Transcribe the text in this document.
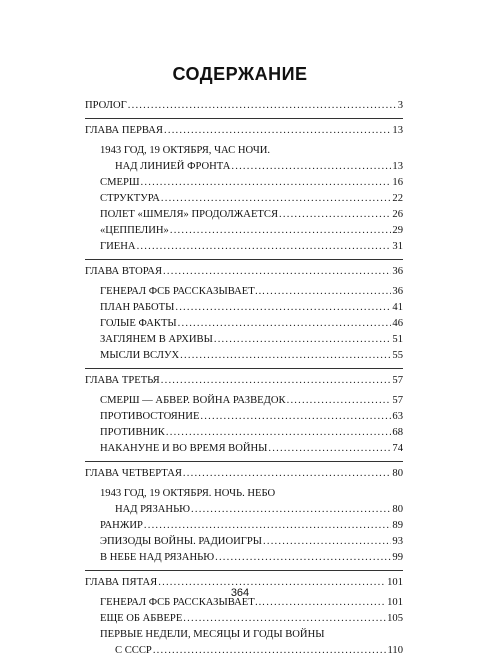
СОДЕРЖАНИЕ
ПРОЛОГ .....	3
ГЛАВА ПЕРВАЯ .....	13
1943 ГОД, 19 ОКТЯБРЯ, ЧАС НОЧИ.
НАД ЛИНИЕЙ ФРОНТА .....	13
СМЕРШ .....	16
СТРУКТУРА .....	22
ПОЛЕТ «ШМЕЛЯ» ПРОДОЛЖАЕТСЯ .....	26
«ЦЕППЕЛИН» .....	29
ГИЕНА .....	31
ГЛАВА ВТОРАЯ .....	36
ГЕНЕРАЛ ФСБ РАССКАЗЫВАЕТ… .....	36
ПЛАН РАБОТЫ .....	41
ГОЛЫЕ ФАКТЫ .....	46
ЗАГЛЯНЕМ В АРХИВЫ .....	51
МЫСЛИ ВСЛУХ .....	55
ГЛАВА ТРЕТЬЯ .....	57
СМЕРШ — АБВЕР. ВОЙНА РАЗВЕДОК .....	57
ПРОТИВОСТОЯНИЕ .....	63
ПРОТИВНИК .....	68
НАКАНУНЕ И ВО ВРЕМЯ ВОЙНЫ .....	74
ГЛАВА ЧЕТВЕРТАЯ .....	80
1943 ГОД, 19 ОКТЯБРЯ. НОЧЬ. НЕБО
НАД РЯЗАНЬЮ .....	80
РАНЖИР .....	89
ЭПИЗОДЫ ВОЙНЫ. РАДИОИГРЫ .....	93
В НЕБЕ НАД РЯЗАНЬЮ .....	99
ГЛАВА ПЯТАЯ .....	101
ГЕНЕРАЛ ФСБ РАССКАЗЫВАЕТ… .....	101
ЕЩЕ ОБ АБВЕРЕ .....	105
ПЕРВЫЕ НЕДЕЛИ, МЕСЯЦЫ И ГОДЫ ВОЙНЫ
С СССР .....	110
364
